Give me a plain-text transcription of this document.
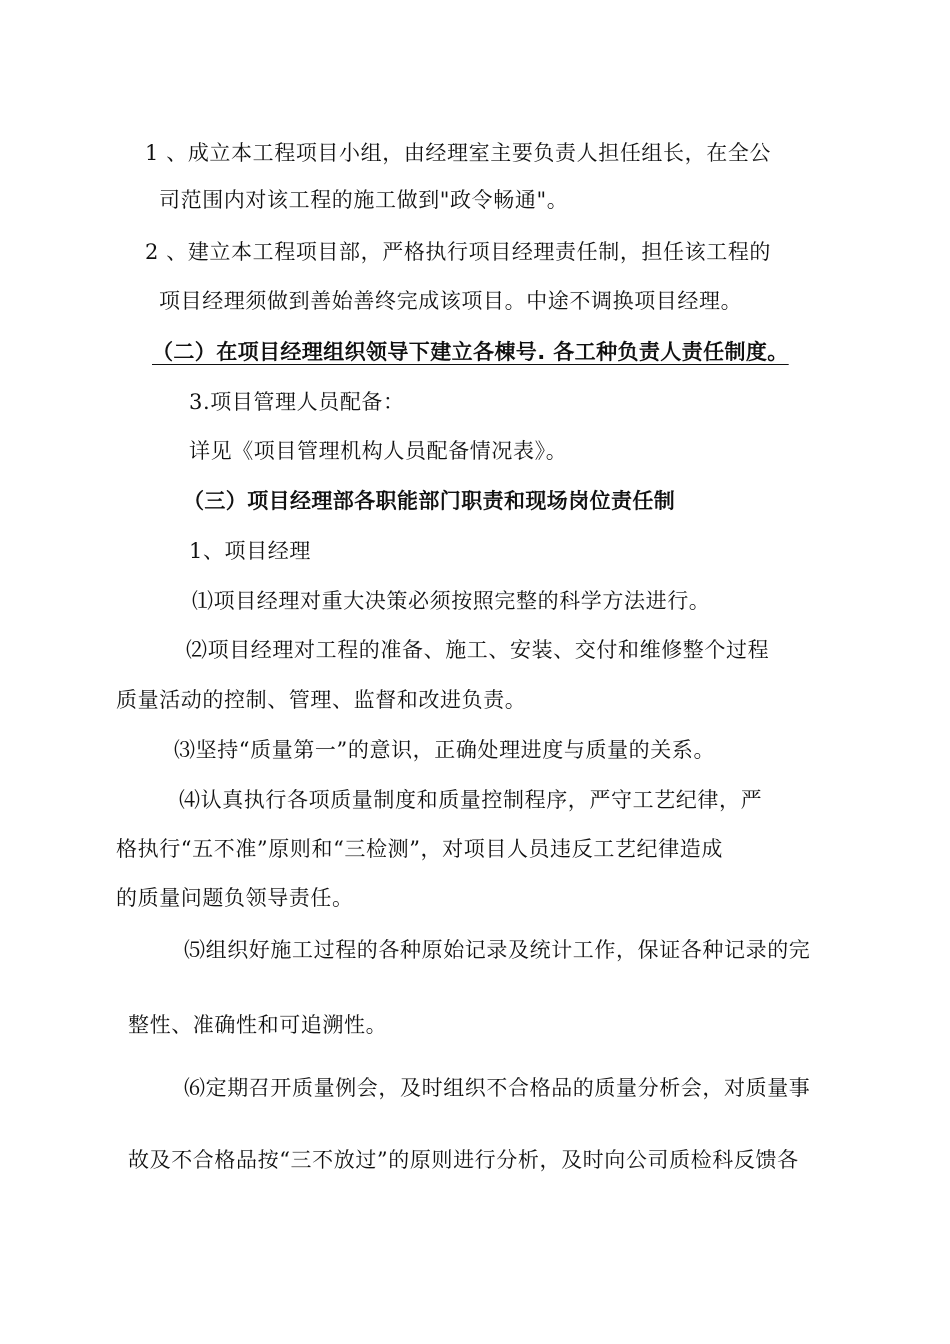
1 、成立本工程项目小组，由经理室主要负责人担任组长，在全公
司范围内对该工程的施工做到"政令畅通"。
2 、建立本工程项目部，严格执行项目经理责任制，担任该工程的
项目经理须做到善始善终完成该项目。中途不调换项目经理。
（二）在项目经理组织领导下建立各棟号. 各工种负责人责任制度。
3.项目管理人员配备：
详见《项目管理机构人员配备情况表》。
（三）项目经理部各职能部门职责和现场岗位责任制
1、项目经理
⑴项目经理对重大决策必须按照完整的科学方法进行。
⑵项目经理对工程的准备、施工、安装、交付和维修整个过程
质量活动的控制、管理、监督和改进负责。
⑶坚持“质量第一”的意识，正确处理进度与质量的关系。
⑷认真执行各项质量制度和质量控制程序，严守工艺纪律，严
格执行“五不准”原则和“三检测”，对项目人员违反工艺纪律造成
的质量问题负领导责任。
⑸组织好施工过程的各种原始记录及统计工作，保证各种记录的完
整性、准确性和可追溯性。
⑹定期召开质量例会，及时组织不合格品的质量分析会，对质量事
故及不合格品按“三不放过”的原则进行分析，及时向公司质检科反馈各
